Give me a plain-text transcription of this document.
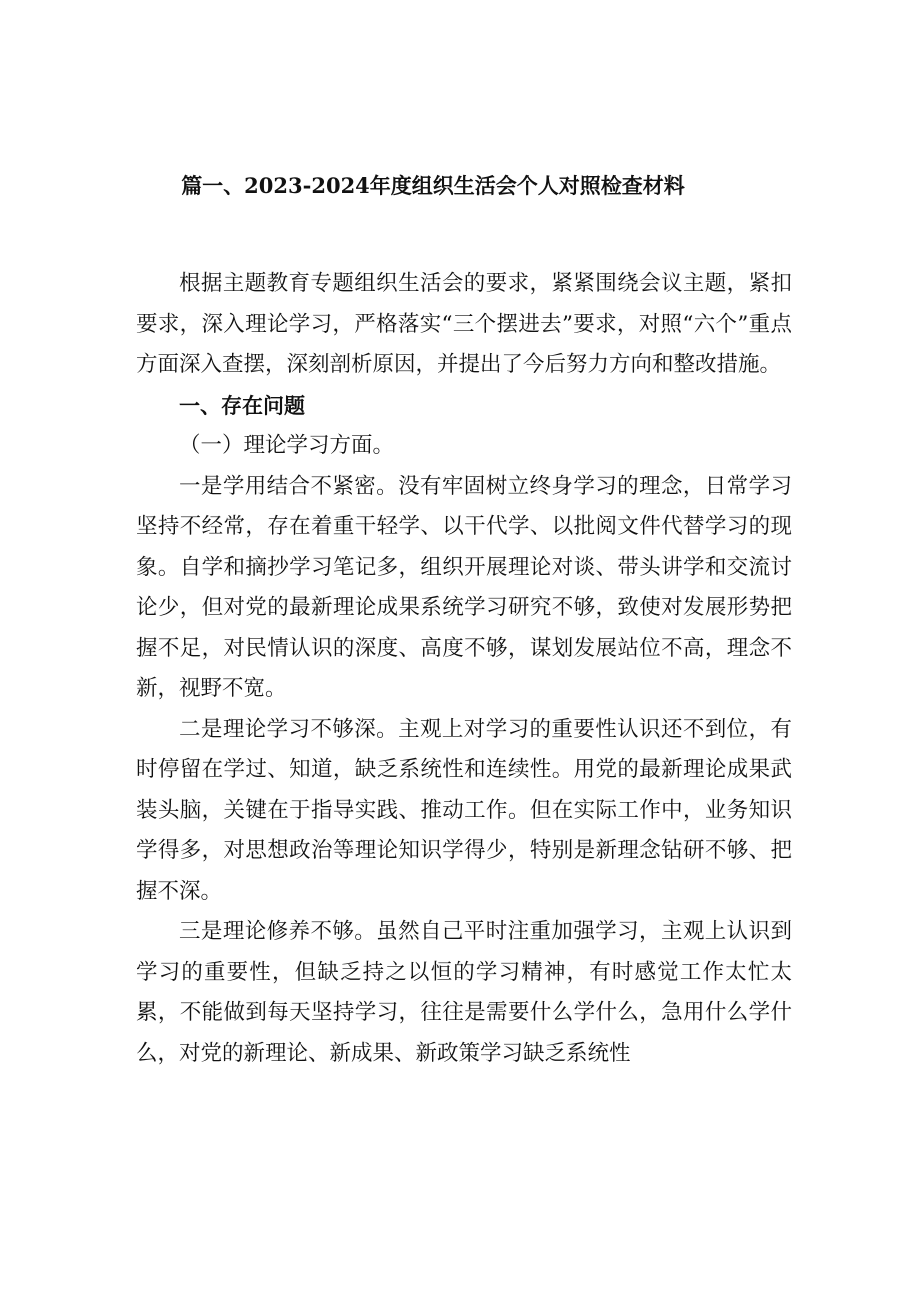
篇一、2023-2024年度组织生活会个人对照检查材料

根据主题教育专题组织生活会的要求，紧紧围绕会议主题，紧扣要求，深入理论学习，严格落实“三个摆进去”要求，对照“六个”重点方面深入查摆，深刻剖析原因，并提出了今后努力方向和整改措施。

一、存在问题

（一）理论学习方面。

一是学用结合不紧密。没有牢固树立终身学习的理念，日常学习坚持不经常，存在着重干轻学、以干代学、以批阅文件代替学习的现象。自学和摘抄学习笔记多，组织开展理论对谈、带头讲学和交流讨论少，但对党的最新理论成果系统学习研究不够，致使对发展形势把握不足，对民情认识的深度、高度不够，谋划发展站位不高，理念不新，视野不宽。

二是理论学习不够深。主观上对学习的重要性认识还不到位，有时停留在学过、知道，缺乏系统性和连续性。用党的最新理论成果武装头脑，关键在于指导实践、推动工作。但在实际工作中，业务知识学得多，对思想政治等理论知识学得少，特别是新理念钻研不够、把握不深。

三是理论修养不够。虽然自己平时注重加强学习，主观上认识到学习的重要性，但缺乏持之以恒的学习精神，有时感觉工作太忙太累，不能做到每天坚持学习，往往是需要什么学什么，急用什么学什么，对党的新理论、新成果、新政策学习缺乏系统性
